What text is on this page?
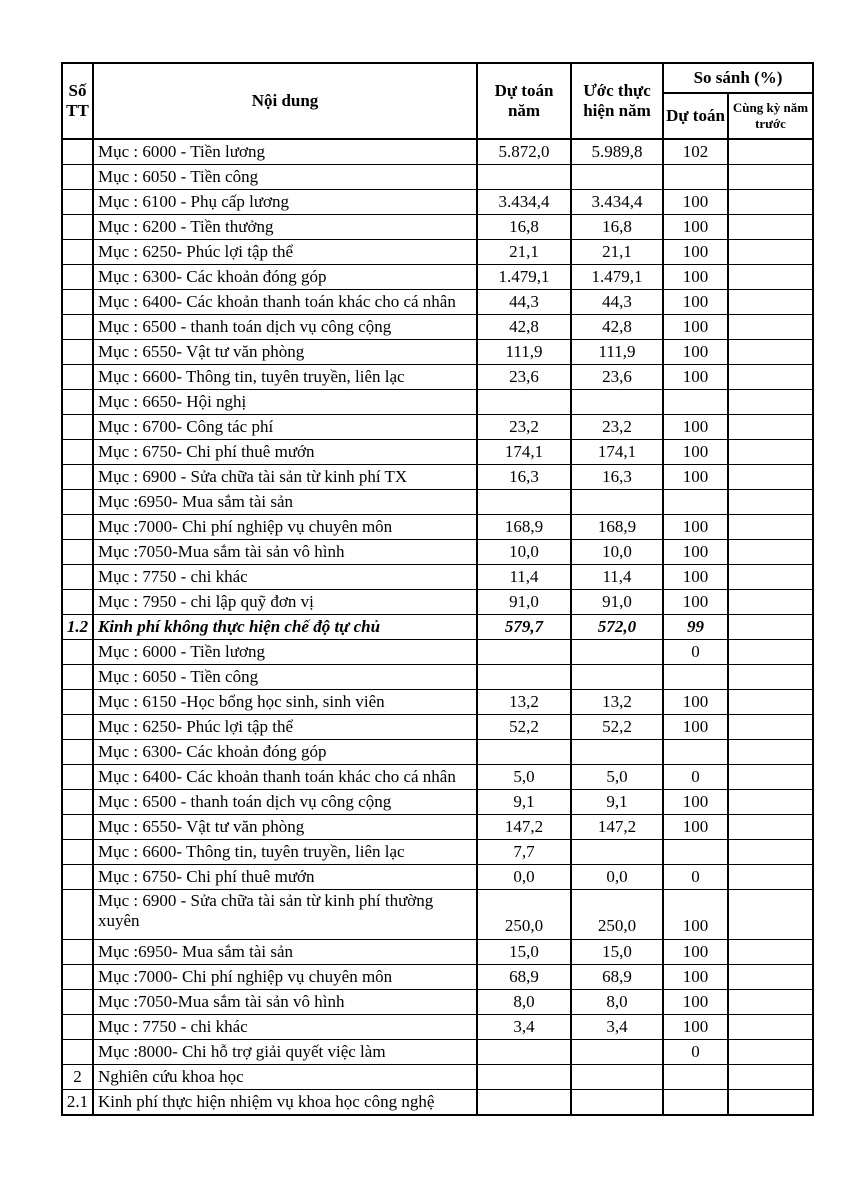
Số TT	Nội dung	Dự toán năm	Ước thực hiện năm	So sánh (%)	
				Dự toán	Cùng kỳ năm trước
	Mục : 6000 - Tiền lương	5.872,0	5.989,8	102	
	Mục : 6050 - Tiền công				
	Mục : 6100 - Phụ cấp lương	3.434,4	3.434,4	100	
	Mục : 6200 - Tiền thưởng	16,8	16,8	100	
	Mục : 6250- Phúc lợi tập thể	21,1	21,1	100	
	Mục : 6300- Các khoản đóng góp	1.479,1	1.479,1	100	
	Mục : 6400- Các khoản thanh toán khác cho cá nhân	44,3	44,3	100	
	Mục : 6500 - thanh toán dịch vụ công cộng	42,8	42,8	100	
	Mục : 6550- Vật tư văn phòng	111,9	111,9	100	
	Mục : 6600- Thông tin, tuyên truyền, liên lạc	23,6	23,6	100	
	Mục : 6650- Hội nghị				
	Mục : 6700- Công tác phí	23,2	23,2	100	
	Mục : 6750- Chi phí thuê mướn	174,1	174,1	100	
	Mục : 6900 - Sửa chữa tài sản từ kinh phí TX	16,3	16,3	100	
	Mục :6950- Mua sắm tài sản				
	Mục :7000- Chi phí nghiệp vụ chuyên môn	168,9	168,9	100	
	Mục :7050-Mua sắm tài sản vô hình	10,0	10,0	100	
	Mục : 7750 - chi khác	11,4	11,4	100	
	Mục : 7950 - chi lập quỹ đơn vị	91,0	91,0	100	
1.2	Kinh phí không thực hiện chế độ tự chủ	579,7	572,0	99	
	Mục : 6000 - Tiền lương			0	
	Mục : 6050 - Tiền công				
	Mục : 6150 -Học bổng học sinh, sinh viên	13,2	13,2	100	
	Mục : 6250- Phúc lợi tập thể	52,2	52,2	100	
	Mục : 6300- Các khoản đóng góp				
	Mục : 6400- Các khoản thanh toán khác cho cá nhân	5,0	5,0	0	
	Mục : 6500 - thanh toán dịch vụ công cộng	9,1	9,1	100	
	Mục : 6550- Vật tư văn phòng	147,2	147,2	100	
	Mục : 6600- Thông tin, tuyên truyền, liên lạc	7,7			
	Mục : 6750- Chi phí thuê mướn	0,0	0,0	0	
	Mục : 6900 - Sửa chữa tài sản từ kinh phí thường xuyên	250,0	250,0	100	
	Mục :6950- Mua sắm tài sản	15,0	15,0	100	
	Mục :7000- Chi phí nghiệp vụ chuyên môn	68,9	68,9	100	
	Mục :7050-Mua sắm tài sản vô hình	8,0	8,0	100	
	Mục : 7750 - chi khác	3,4	3,4	100	
	Mục :8000- Chi hỗ trợ giải quyết việc làm			0	
2	Nghiên cứu khoa học				
2.1	Kinh phí thực hiện nhiệm vụ khoa học công nghệ				
